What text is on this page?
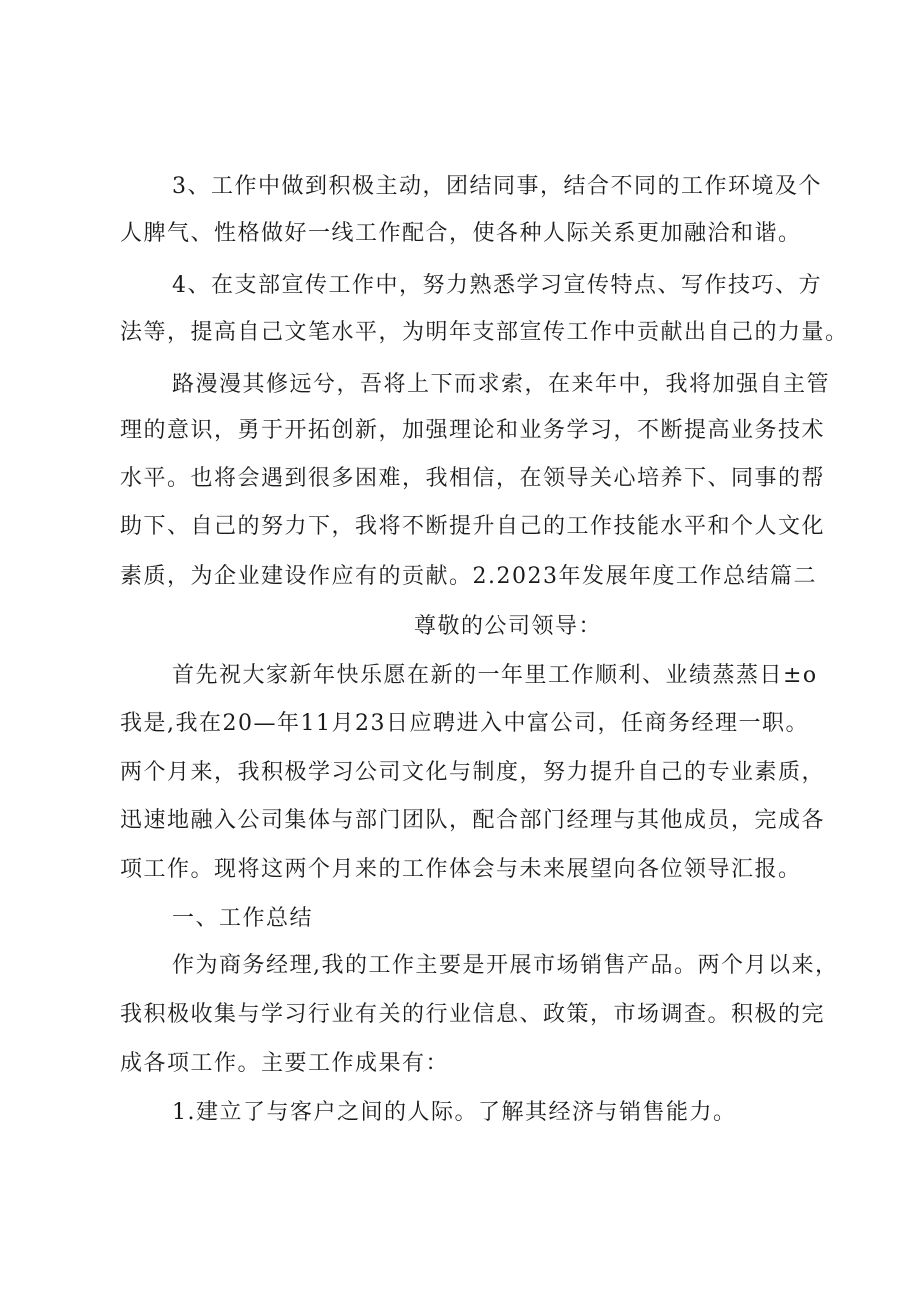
3、工作中做到积极主动，团结同事，结合不同的工作环境及个
人脾气、性格做好一线工作配合，使各种人际关系更加融洽和谐。
4、在支部宣传工作中，努力熟悉学习宣传特点、写作技巧、方
法等，提高自己文笔水平，为明年支部宣传工作中贡献出自己的力量。
路漫漫其修远兮，吾将上下而求索，在来年中，我将加强自主管
理的意识，勇于开拓创新，加强理论和业务学习，不断提高业务技术
水平。也将会遇到很多困难，我相信，在领导关心培养下、同事的帮
助下、自己的努力下，我将不断提升自己的工作技能水平和个人文化
素质，为企业建设作应有的贡献。2.2023年发展年度工作总结篇二
尊敬的公司领导：
首先祝大家新年快乐愿在新的一年里工作顺利、业绩蒸蒸日±o
我是,我在20—年11月23日应聘进入中富公司，任商务经理一职。
两个月来，我积极学习公司文化与制度，努力提升自己的专业素质，
迅速地融入公司集体与部门团队，配合部门经理与其他成员，完成各
项工作。现将这两个月来的工作体会与未来展望向各位领导汇报。
一、工作总结
作为商务经理,我的工作主要是开展市场销售产品。两个月以来，
我积极收集与学习行业有关的行业信息、政策，市场调查。积极的完
成各项工作。主要工作成果有：
1.建立了与客户之间的人际。了解其经济与销售能力。
